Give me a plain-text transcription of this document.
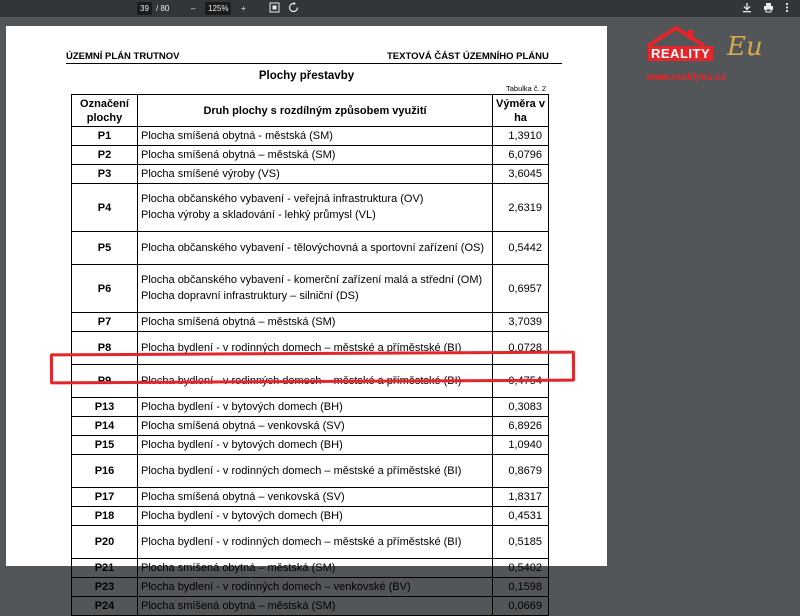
39 / 80	–	125%	+
ÚZEMNÍ PLÁN TRUTNOV	TEXTOVÁ ČÁST ÚZEMNÍHO PLÁNU
Plochy přestavby
Tabulka č. 2
Označení plochy	Druh plochy s rozdílným způsobem využití	Výměra v ha
P1	Plocha smíšená obytná - městská (SM)	1,3910
P2	Plocha smíšená obytná – městská (SM)	6,0796
P3	Plocha smíšené výroby (VS)	3,6045
P4	Plocha občanského vybavení - veřejná infrastruktura (OV)
Plocha výroby a skladování - lehký průmysl (VL)	2,6319
P5	Plocha občanského vybavení - tělovýchovná a sportovní zařízení (OS)	0,5442
P6	Plocha občanského vybavení - komerční zařízení malá a střední (OM)
Plocha dopravní infrastruktury – silniční (DS)	0,6957
P7	Plocha smíšená obytná – městská (SM)	3,7039
P8	Plocha bydlení - v rodinných domech – městské a příměstské (BI)	0,0728
P9	Plocha bydlení - v rodinných domech – městské a příměstské (BI)	0,4754
P13	Plocha bydlení - v bytových domech (BH)	0,3083
P14	Plocha smíšená obytná – venkovská (SV)	6,8926
P15	Plocha bydlení - v bytových domech (BH)	1,0940
P16	Plocha bydlení - v rodinných domech – městské a příměstské (BI)	0,8679
P17	Plocha smíšená obytná – venkovská (SV)	1,8317
P18	Plocha bydlení - v bytových domech (BH)	0,4531
P20	Plocha bydlení - v rodinných domech – městské a příměstské (BI)	0,5185
P21	Plocha smíšená obytná – městská (SM)	0,5402
P23	Plocha bydlení - v rodinných domech – venkovské (BV)	0,1598
P24	Plocha smíšená obytná – městská (SM)	0,0669
REALITY Eu
www.realityeu.cz
